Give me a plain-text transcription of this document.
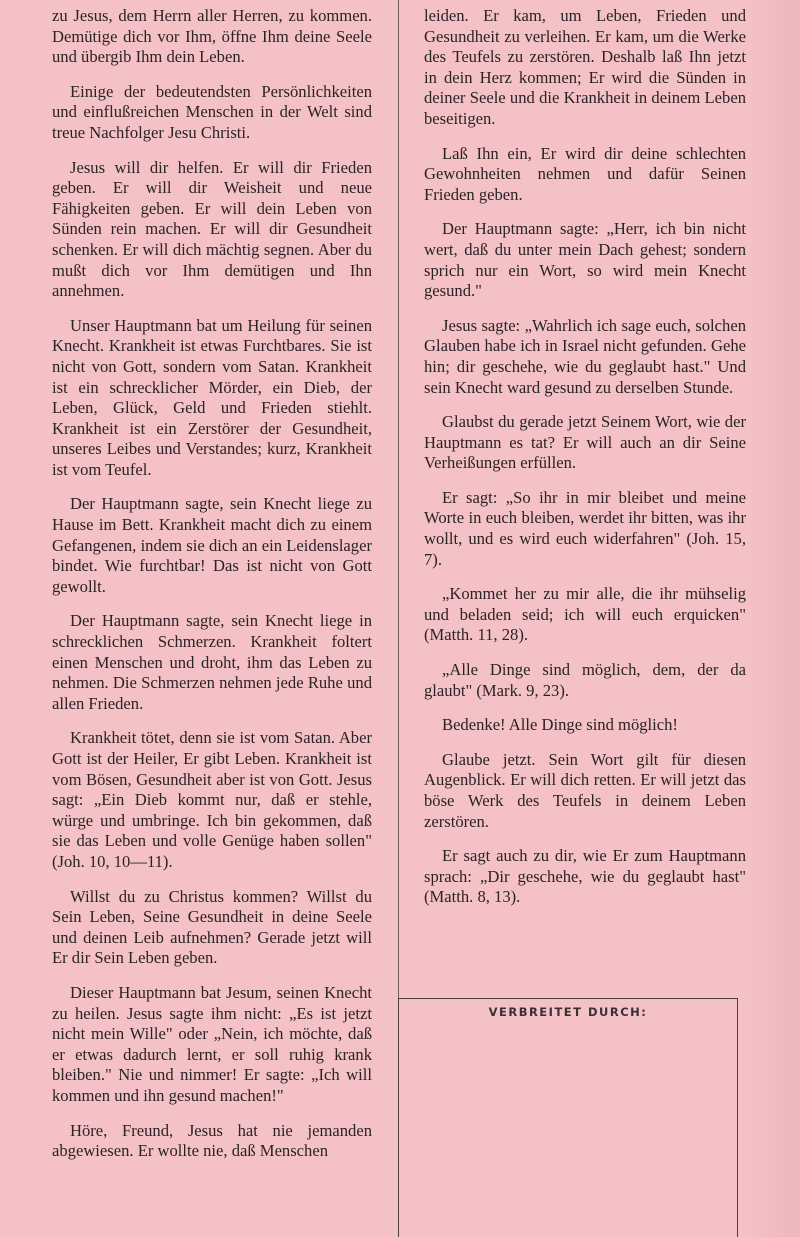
zu Jesus, dem Herrn aller Herren, zu kommen. Demütige dich vor Ihm, öffne Ihm deine Seele und übergib Ihm dein Leben.

Einige der bedeutendsten Persönlichkeiten und einflußreichen Menschen in der Welt sind treue Nachfolger Jesu Christi.

Jesus will dir helfen. Er will dir Frieden geben. Er will dir Weisheit und neue Fähigkeiten geben. Er will dein Leben von Sünden rein machen. Er will dir Gesundheit schenken. Er will dich mächtig segnen. Aber du mußt dich vor Ihm demütigen und Ihn annehmen.

Unser Hauptmann bat um Heilung für seinen Knecht. Krankheit ist etwas Furchtbares. Sie ist nicht von Gott, sondern vom Satan. Krankheit ist ein schrecklicher Mörder, ein Dieb, der Leben, Glück, Geld und Frieden stiehlt. Krankheit ist ein Zerstörer der Gesundheit, unseres Leibes und Verstandes; kurz, Krankheit ist vom Teufel.

Der Hauptmann sagte, sein Knecht liege zu Hause im Bett. Krankheit macht dich zu einem Gefangenen, indem sie dich an ein Leidenslager bindet. Wie furchtbar! Das ist nicht von Gott gewollt.

Der Hauptmann sagte, sein Knecht liege in schrecklichen Schmerzen. Krankheit foltert einen Menschen und droht, ihm das Leben zu nehmen. Die Schmerzen nehmen jede Ruhe und allen Frieden.

Krankheit tötet, denn sie ist vom Satan. Aber Gott ist der Heiler, Er gibt Leben. Krankheit ist vom Bösen, Gesundheit aber ist von Gott. Jesus sagt: „Ein Dieb kommt nur, daß er stehle, würge und umbringe. Ich bin gekommen, daß sie das Leben und volle Genüge haben sollen" (Joh. 10, 10—11).

Willst du zu Christus kommen? Willst du Sein Leben, Seine Gesundheit in deine Seele und deinen Leib aufnehmen? Gerade jetzt will Er dir Sein Leben geben.

Dieser Hauptmann bat Jesum, seinen Knecht zu heilen. Jesus sagte ihm nicht: „Es ist jetzt nicht mein Wille" oder „Nein, ich möchte, daß er etwas dadurch lernt, er soll ruhig krank bleiben." Nie und nimmer! Er sagte: „Ich will kommen und ihn gesund machen!"

Höre, Freund, Jesus hat nie jemanden abgewiesen. Er wollte nie, daß Menschen

leiden. Er kam, um Leben, Frieden und Gesundheit zu verleihen. Er kam, um die Werke des Teufels zu zerstören. Deshalb laß Ihn jetzt in dein Herz kommen; Er wird die Sünden in deiner Seele und die Krankheit in deinem Leben beseitigen.

Laß Ihn ein, Er wird dir deine schlechten Gewohnheiten nehmen und dafür Seinen Frieden geben.

Der Hauptmann sagte: „Herr, ich bin nicht wert, daß du unter mein Dach gehest; sondern sprich nur ein Wort, so wird mein Knecht gesund."

Jesus sagte: „Wahrlich ich sage euch, solchen Glauben habe ich in Israel nicht gefunden. Gehe hin; dir geschehe, wie du geglaubt hast." Und sein Knecht ward gesund zu derselben Stunde.

Glaubst du gerade jetzt Seinem Wort, wie der Hauptmann es tat? Er will auch an dir Seine Verheißungen erfüllen.

Er sagt: „So ihr in mir bleibet und meine Worte in euch bleiben, werdet ihr bitten, was ihr wollt, und es wird euch widerfahren" (Joh. 15, 7).

„Kommet her zu mir alle, die ihr mühselig und beladen seid; ich will euch erquicken" (Matth. 11, 28).

„Alle Dinge sind möglich, dem, der da glaubt" (Mark. 9, 23).

Bedenke! Alle Dinge sind möglich!

Glaube jetzt. Sein Wort gilt für diesen Augenblick. Er will dich retten. Er will jetzt das böse Werk des Teufels in deinem Leben zerstören.

Er sagt auch zu dir, wie Er zum Hauptmann sprach: „Dir geschehe, wie du geglaubt hast" (Matth. 8, 13).

VERBREITET DURCH:
